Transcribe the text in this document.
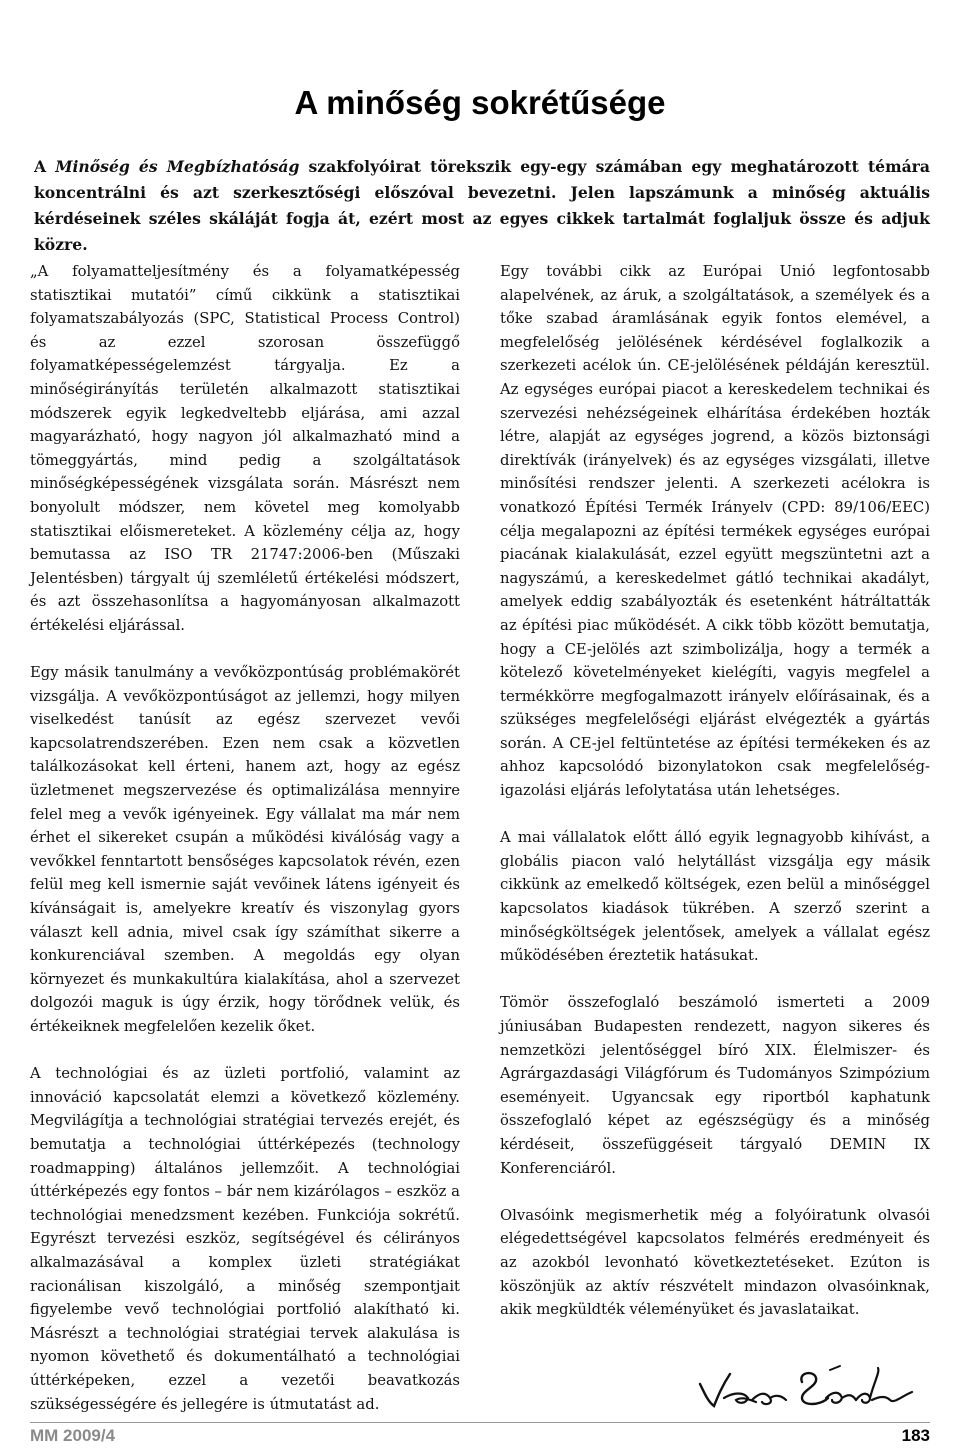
A minőség sokrétűsége

A Minőség és Megbízhatóság szakfolyóirat törekszik egy-egy számában egy meghatározott témára koncentrálni és azt szerkesztőségi előszóval bevezetni. Jelen lapszámunk a minőség aktuális kérdéseinek széles skáláját fogja át, ezért most az egyes cikkek tartalmát foglaljuk össze és adjuk közre.

„A folyamatteljesítmény és a folyamatképesség statisztikai mutatói” című cikkünk a statisztikai folyamatszabályozás (SPC, Statistical Process Control) és az ezzel szorosan összefüggő folyamatképességelemzést tárgyalja. Ez a minőségirányítás területén alkalmazott statisztikai módszerek egyik legkedveltebb eljárása, ami azzal magyarázható, hogy nagyon jól alkalmazható mind a tömeggyártás, mind pedig a szolgáltatások minőségképességének vizsgálata során. Másrészt nem bonyolult módszer, nem követel meg komolyabb statisztikai előismereteket. A közlemény célja az, hogy bemutassa az ISO TR 21747:2006-ben (Műszaki Jelentésben) tárgyalt új szemléletű értékelési módszert, és azt összehasonlítsa a hagyományosan alkalmazott értékelési eljárással.

Egy másik tanulmány a vevőközpontúság problémakörét vizsgálja. A vevőközpontúságot az jellemzi, hogy milyen viselkedést tanúsít az egész szervezet vevői kapcsolatrendszerében. Ezen nem csak a közvetlen találkozásokat kell érteni, hanem azt, hogy az egész üzletmenet megszervezése és optimalizálása mennyire felel meg a vevők igényeinek. Egy vállalat ma már nem érhet el sikereket csupán a működési kiválóság vagy a vevőkkel fenntartott bensőséges kapcsolatok révén, ezen felül meg kell ismernie saját vevőinek látens igényeit és kívánságait is, amelyekre kreatív és viszonylag gyors választ kell adnia, mivel csak így számíthat sikerre a konkurenciával szemben. A megoldás egy olyan környezet és munkakultúra kialakítása, ahol a szervezet dolgozói maguk is úgy érzik, hogy törődnek velük, és értékeiknek megfelelően kezelik őket.

A technológiai és az üzleti portfolió, valamint az innováció kapcsolatát elemzi a következő közlemény. Megvilágítja a technológiai stratégiai tervezés erejét, és bemutatja a technológiai úttérképezés (technology roadmapping) általános jellemzőit. A technológiai úttérképezés egy fontos – bár nem kizárólagos – eszköz a technológiai menedzsment kezében. Funkciója sokrétű. Egyrészt tervezési eszköz, segítségével és célirányos alkalmazásával a komplex üzleti stratégiákat racionálisan kiszolgáló, a minőség szempontjait figyelembe vevő technológiai portfolió alakítható ki. Másrészt a technológiai stratégiai tervek alakulása is nyomon követhető és dokumentálható a technológiai úttérképeken, ezzel a vezetői beavatkozás szükségességére és jellegére is útmutatást ad.

Egy további cikk az Európai Unió legfontosabb alapelvének, az áruk, a szolgáltatások, a személyek és a tőke szabad áramlásának egyik fontos elemével, a megfelelőség jelölésének kérdésével foglalkozik a szerkezeti acélok ún. CE-jelölésének példáján keresztül. Az egységes európai piacot a kereskedelem technikai és szervezési nehézségeinek elhárítása érdekében hozták létre, alapját az egységes jogrend, a közös biztonsági direktívák (irányelvek) és az egységes vizsgálati, illetve minősítési rendszer jelenti. A szerkezeti acélokra is vonatkozó Építési Termék Irányelv (CPD: 89/106/EEC) célja megalapozni az építési termékek egységes európai piacának kialakulását, ezzel együtt megszüntetni azt a nagyszámú, a kereskedelmet gátló technikai akadályt, amelyek eddig szabályozták és esetenként hátráltatták az építési piac működését. A cikk több között bemutatja, hogy a CE-jelölés azt szimbolizálja, hogy a termék a kötelező követelményeket kielégíti, vagyis megfelel a termékkörre megfogalmazott irányelv előírásainak, és a szükséges megfelelőségi eljárást elvégezték a gyártás során. A CE-jel feltüntetése az építési termékeken és az ahhoz kapcsolódó bizonylatokon csak megfelelőség-igazolási eljárás lefolytatása után lehetséges.

A mai vállalatok előtt álló egyik legnagyobb kihívást, a globális piacon való helytállást vizsgálja egy másik cikkünk az emelkedő költségek, ezen belül a minőséggel kapcsolatos kiadások tükrében. A szerző szerint a minőségköltségek jelentősek, amelyek a vállalat egész működésében éreztetik hatásukat.

Tömör összefoglaló beszámoló ismerteti a 2009 júniusában Budapesten rendezett, nagyon sikeres és nemzetközi jelentőséggel bíró XIX. Élelmiszer- és Agrárgazdasági Világfórum és Tudományos Szimpózium eseményeit. Ugyancsak egy riportból kaphatunk összefoglaló képet az egészségügy és a minőség kérdéseit, összefüggéseit tárgyaló DEMIN IX Konferenciáról.

Olvasóink megismerhetik még a folyóiratunk olvasói elégedettségével kapcsolatos felmérés eredményeit és az azokból levonható következtetéseket. Ezúton is köszönjük az aktív részvételt mindazon olvasóinknak, akik megküldték véleményüket és javaslataikat.

MM 2009/4	183
